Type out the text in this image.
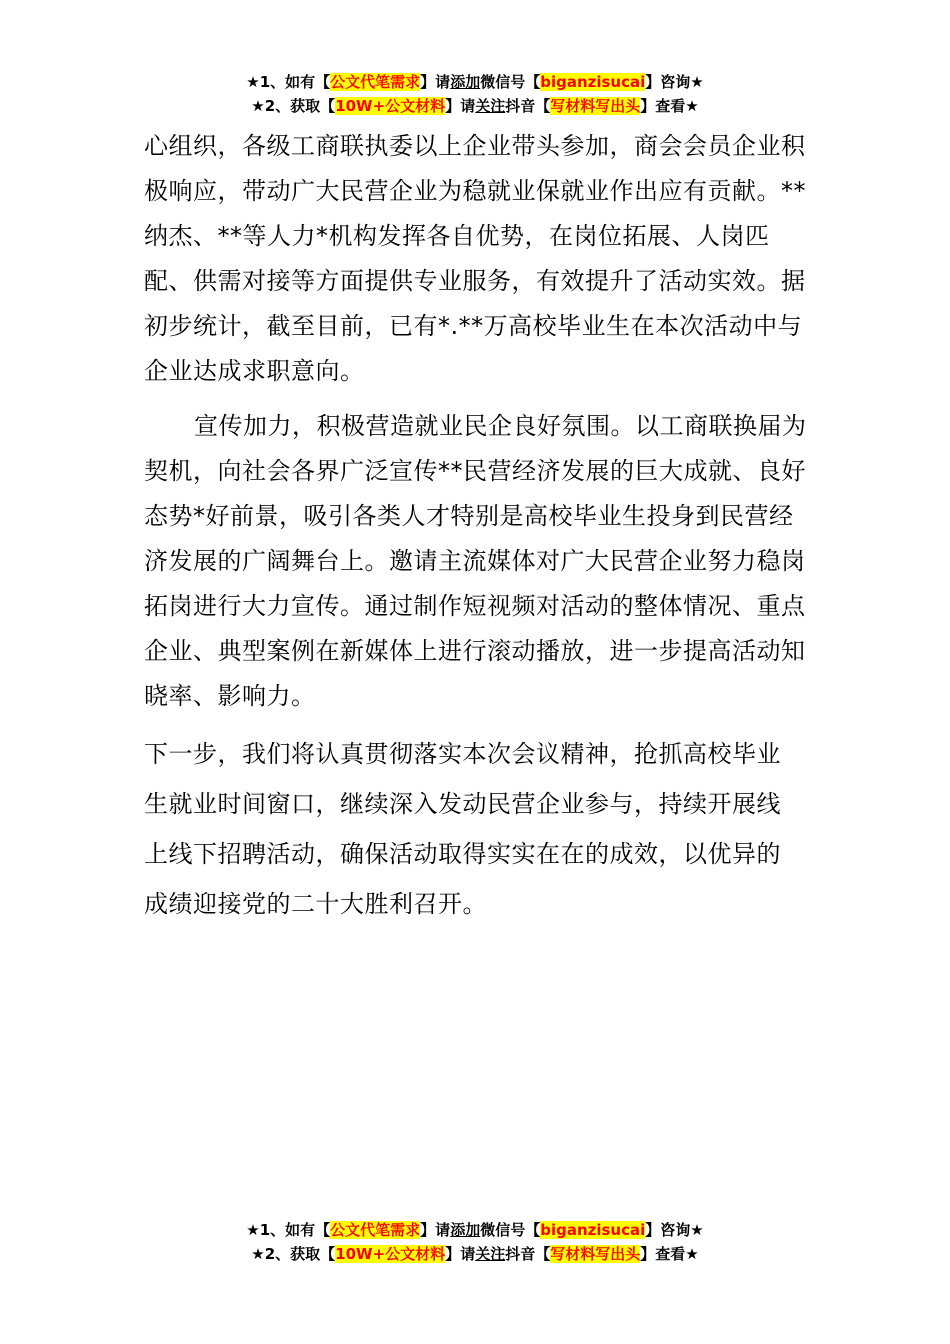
★1、如有【公文代笔需求】请添加微信号【biganzisucai】咨询★
★2、获取【10W+公文材料】请关注抖音【写材料写出头】查看★

心组织，各级工商联执委以上企业带头参加，商会会员企业积极响应，带动广大民营企业为稳就业保就业作出应有贡献。**纳杰、**等人力*机构发挥各自优势，在岗位拓展、人岗匹配、供需对接等方面提供专业服务，有效提升了活动实效。据初步统计，截至目前，已有*.**万高校毕业生在本次活动中与企业达成求职意向。

宣传加力，积极营造就业民企良好氛围。以工商联换届为契机，向社会各界广泛宣传**民营经济发展的巨大成就、良好态势*好前景，吸引各类人才特别是高校毕业生投身到民营经济发展的广阔舞台上。邀请主流媒体对广大民营企业努力稳岗拓岗进行大力宣传。通过制作短视频对活动的整体情况、重点企业、典型案例在新媒体上进行滚动播放，进一步提高活动知晓率、影响力。

下一步，我们将认真贯彻落实本次会议精神，抢抓高校毕业生就业时间窗口，继续深入发动民营企业参与，持续开展线上线下招聘活动，确保活动取得实实在在的成效，以优异的成绩迎接党的二十大胜利召开。

★1、如有【公文代笔需求】请添加微信号【biganzisucai】咨询★
★2、获取【10W+公文材料】请关注抖音【写材料写出头】查看★
